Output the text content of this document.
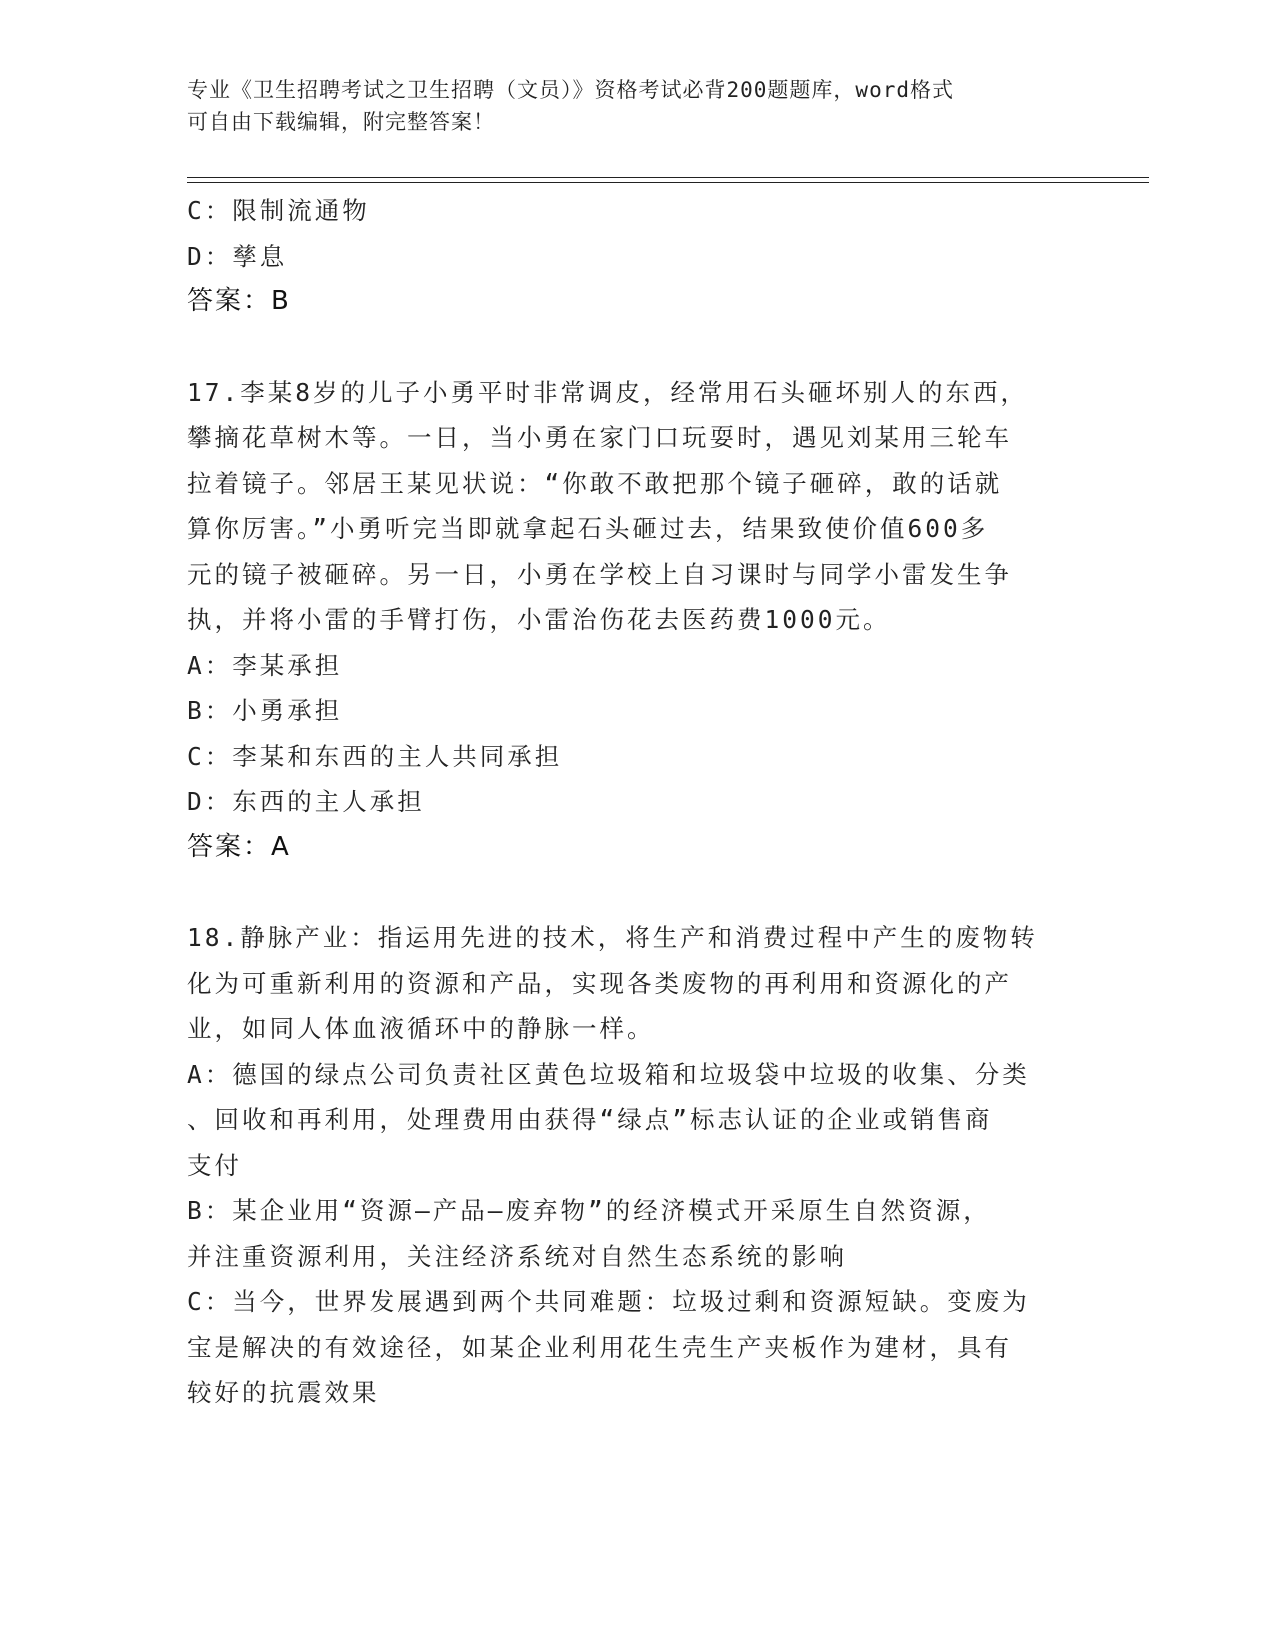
专业《卫生招聘考试之卫生招聘（文员）》资格考试必背200题题库，word格式
可自由下载编辑，附完整答案！
C：限制流通物
D：孳息
答案：B
17.李某8岁的儿子小勇平时非常调皮，经常用石头砸坏别人的东西，
攀摘花草树木等。一日，当小勇在家门口玩耍时，遇见刘某用三轮车
拉着镜子。邻居王某见状说：“你敢不敢把那个镜子砸碎，敢的话就
算你厉害。”小勇听完当即就拿起石头砸过去，结果致使价值600多
元的镜子被砸碎。另一日，小勇在学校上自习课时与同学小雷发生争
执，并将小雷的手臂打伤，小雷治伤花去医药费1000元。
A：李某承担
B：小勇承担
C：李某和东西的主人共同承担
D：东西的主人承担
答案：A
18.静脉产业：指运用先进的技术，将生产和消费过程中产生的废物转
化为可重新利用的资源和产品，实现各类废物的再利用和资源化的产
业，如同人体血液循环中的静脉一样。
A：德国的绿点公司负责社区黄色垃圾箱和垃圾袋中垃圾的收集、分类
、回收和再利用，处理费用由获得“绿点”标志认证的企业或销售商
支付
B：某企业用“资源—产品—废弃物”的经济模式开采原生自然资源，
并注重资源利用，关注经济系统对自然生态系统的影响
C：当今，世界发展遇到两个共同难题：垃圾过剩和资源短缺。变废为
宝是解决的有效途径，如某企业利用花生壳生产夹板作为建材，具有
较好的抗震效果
